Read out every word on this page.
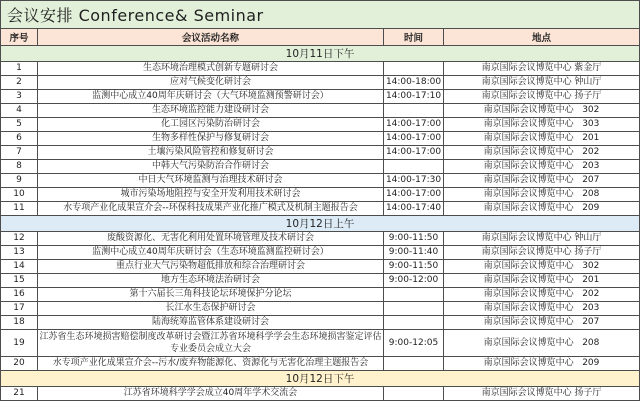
会议安排 Conference& Seminar			
序号	会议活动名称	时间	地点
10月11日下午			
1	生态环境治理模式创新专题研讨会		南京国际会议博览中心 紫金厅
2	应对气候变化研讨会	14:00-18:00	南京国际会议博览中心 钟山厅
3	监测中心成立40周年庆研讨会（大气环境监测预警研讨会）	14:00-17:10	南京国际会议博览中心 扬子厅
4	生态环境监控能力建设研讨会		南京国际会议博览中心   302
5	化工园区污染防治研讨会	14:00-17:00	南京国际会议博览中心   303
6	生物多样性保护与修复研讨会	14:00-17:00	南京国际会议博览中心   201
7	土壤污染风险管控和修复研讨会	14:00-17:00	南京国际会议博览中心   202
8	中韩大气污染防治合作研讨会		南京国际会议博览中心   203
9	中日大气环境监测与治理技术研讨会	14:00-17:30	南京国际会议博览中心   207
10	城市污染场地阻控与安全开发利用技术研讨会	14:00-17:00	南京国际会议博览中心   208
11	水专项产业化成果宣介会--环保科技成果产业化推广模式及机制主题报告会	14:00-17:40	南京国际会议博览中心   209
10月12日上午			
12	废酸资源化、无害化利用处置环境管理及技术研讨会	9:00-11:50	南京国际会议博览中心 钟山厅
13	监测中心成立40周年庆研讨会（生态环境监测监控研讨会）	9:00-11:40	南京国际会议博览中心 扬子厅
14	重点行业大气污染物超低排放和综合治理研讨会	9:00-11:50	南京国际会议博览中心   302
15	地方生态环境法治研讨会	9:00-12:00	南京国际会议博览中心   201
16	第十六届长三角科技论坛环境保护分论坛		南京国际会议博览中心   202
17	长江水生态保护研讨会		南京国际会议博览中心   203
18	陆海统筹监管体系建设研讨会		南京国际会议博览中心   207
19	江苏省生态环境损害赔偿制度改革研讨会暨江苏省环境科学学会生态环境损害鉴定评估专业委员会成立大会	9:00-12:05	南京国际会议博览中心   208
20	水专项产业化成果宣介会--污水/废弃物能源化、资源化与无害化治理主题报告会		南京国际会议博览中心   209
10月12日下午			
21	江苏省环境科学学会成立40周年学术交流会		南京国际会议博览中心 扬子厅
